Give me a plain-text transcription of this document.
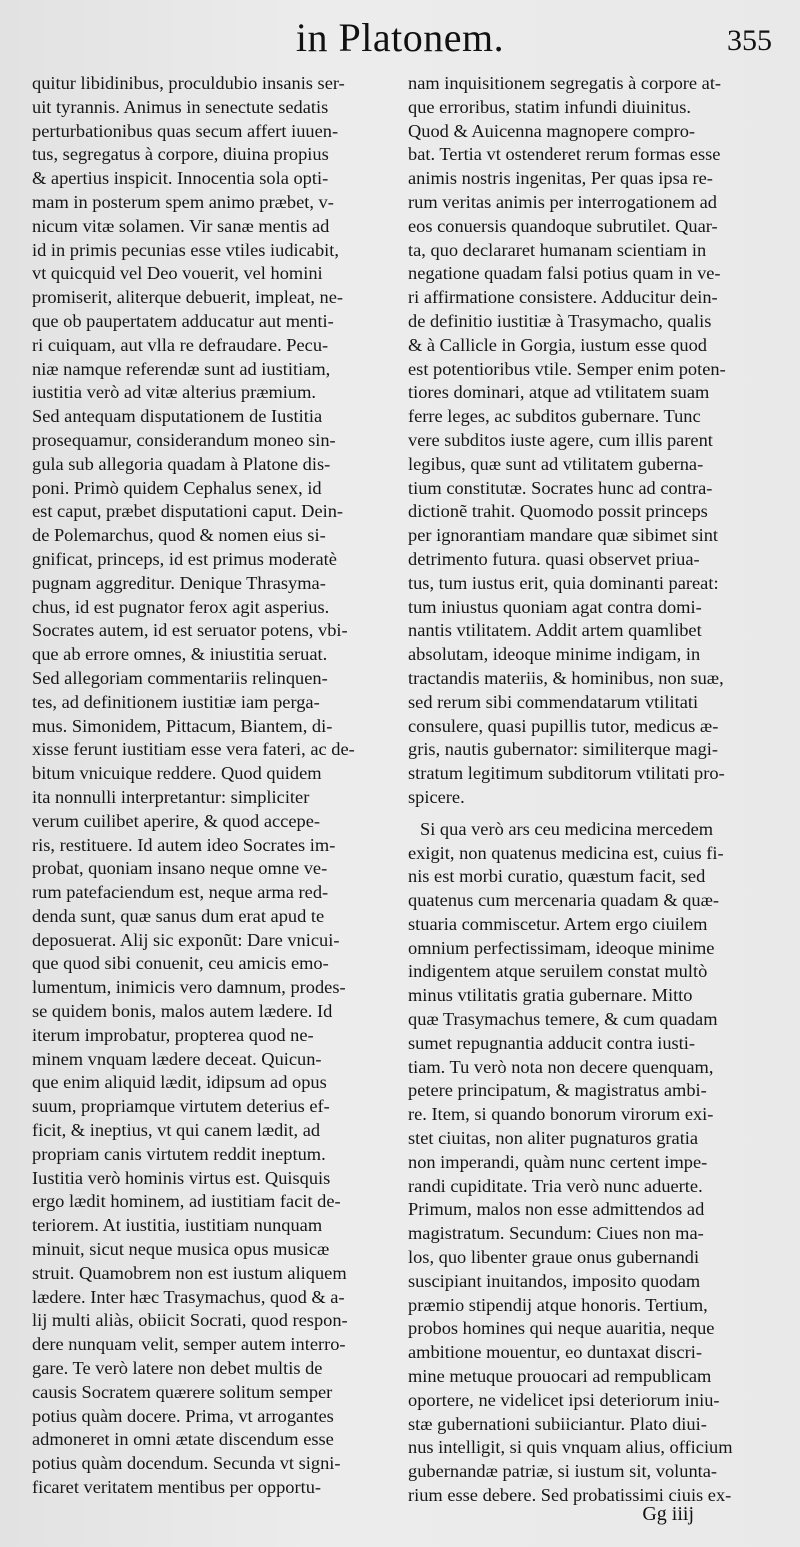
in Platonem.	355
quitur libidinibus, proculdubio insanis ser-
uit tyrannis. Animus in senectute sedatis
perturbationibus quas secum affert iuuen-
tus, segregatus à corpore, diuina propius
& apertius inspicit. Innocentia sola opti-
mam in posterum spem animo præbet, v-
nicum vitæ solamen. Vir sanæ mentis ad
id in primis pecunias esse vtiles iudicabit,
vt quicquid vel Deo vouerit, vel homini
promiserit, aliterque debuerit, impleat, ne-
que ob paupertatem adducatur aut menti-
ri cuiquam, aut vlla re defraudare. Pecu-
niæ namque referendæ sunt ad iustitiam,
iustitia verò ad vitæ alterius præmium.
Sed antequam disputationem de Iustitia
prosequamur, considerandum moneo sin-
gula sub allegoria quadam à Platone dis-
poni. Primò quidem Cephalus senex, id
est caput, præbet disputationi caput. Dein-
de Polemarchus, quod & nomen eius si-
gnificat, princeps, id est primus moderatè
pugnam aggreditur. Denique Thrasyma-
chus, id est pugnator ferox agit asperius.
Socrates autem, id est seruator potens, vbi-
que ab errore omnes, & iniustitia seruat.
Sed allegoriam commentariis relinquen-
tes, ad definitionem iustitiæ iam perga-
mus. Simonidem, Pittacum, Biantem, di-
xisse ferunt iustitiam esse vera fateri, ac de-
bitum vnicuique reddere. Quod quidem
ita nonnulli interpretantur: simpliciter
verum cuilibet aperire, & quod accepe-
ris, restituere. Id autem ideo Socrates im-
probat, quoniam insano neque omne ve-
rum patefaciendum est, neque arma red-
denda sunt, quæ sanus dum erat apud te
deposuerat. Alij sic exponũt: Dare vnicui-
que quod sibi conuenit, ceu amicis emo-
lumentum, inimicis vero damnum, prodes-
se quidem bonis, malos autem lædere. Id
iterum improbatur, propterea quod ne-
minem vnquam lædere deceat. Quicun-
que enim aliquid lædit, idipsum ad opus
suum, propriamque virtutem deterius ef-
ficit, & ineptius, vt qui canem lædit, ad
propriam canis virtutem reddit ineptum.
Iustitia verò hominis virtus est. Quisquis
ergo lædit hominem, ad iustitiam facit de-
teriorem. At iustitia, iustitiam nunquam
minuit, sicut neque musica opus musicæ
struit. Quamobrem non est iustum aliquem
lædere. Inter hæc Trasymachus, quod & a-
lij multi aliàs, obiicit Socrati, quod respon-
dere nunquam velit, semper autem interro-
gare. Te verò latere non debet multis de
causis Socratem quærere solitum semper
potius quàm docere. Prima, vt arrogantes
admoneret in omni ætate discendum esse
potius quàm docendum. Secunda vt signi-
ficaret veritatem mentibus per opportu-
nam inquisitionem segregatis à corpore at-
que erroribus, statim infundi diuinitus.
Quod & Auicenna magnopere compro-
bat. Tertia vt ostenderet rerum formas esse
animis nostris ingenitas, Per quas ipsa re-
rum veritas animis per interrogationem ad
eos conuersis quandoque subrutilet. Quar-
ta, quo declararet humanam scientiam in
negatione quadam falsi potius quam in ve-
ri affirmatione consistere. Adducitur dein-
de definitio iustitiæ à Trasymacho, qualis
& à Callicle in Gorgia, iustum esse quod
est potentioribus vtile. Semper enim poten-
tiores dominari, atque ad vtilitatem suam
ferre leges, ac subditos gubernare. Tunc
vere subditos iuste agere, cum illis parent
legibus, quæ sunt ad vtilitatem guberna-
tium constitutæ. Socrates hunc ad contra-
dictionẽ trahit. Quomodo possit princeps
per ignorantiam mandare quæ sibimet sint
detrimento futura. quasi observet priua-
tus, tum iustus erit, quia dominanti pareat:
tum iniustus quoniam agat contra domi-
nantis vtilitatem. Addit artem quamlibet
absolutam, ideoque minime indigam, in
tractandis materiis, & hominibus, non suæ,
sed rerum sibi commendatarum vtilitati
consulere, quasi pupillis tutor, medicus æ-
gris, nautis gubernator: similiterque magi-
stratum legitimum subditorum vtilitati pro-
spicere.
Si qua verò ars ceu medicina mercedem
exigit, non quatenus medicina est, cuius fi-
nis est morbi curatio, quæstum facit, sed
quatenus cum mercenaria quadam & quæ-
stuaria commiscetur. Artem ergo ciuilem
omnium perfectissimam, ideoque minime
indigentem atque seruilem constat multò
minus vtilitatis gratia gubernare. Mitto
quæ Trasymachus temere, & cum quadam
sumet repugnantia adducit contra iusti-
tiam. Tu verò nota non decere quenquam,
petere principatum, & magistratus ambi-
re. Item, si quando bonorum virorum exi-
stet ciuitas, non aliter pugnaturos gratia
non imperandi, quàm nunc certent impe-
randi cupiditate. Tria verò nunc aduerte.
Primum, malos non esse admittendos ad
magistratum. Secundum: Ciues non ma-
los, quo libenter graue onus gubernandi
suscipiant inuitandos, imposito quodam
præmio stipendij atque honoris. Tertium,
probos homines qui neque auaritia, neque
ambitione mouentur, eo duntaxat discri-
mine metuque prouocari ad rempublicam
oportere, ne videlicet ipsi deteriorum iniu-
stæ gubernationi subiiciantur. Plato diui-
nus intelligit, si quis vnquam alius, officium
gubernandæ patriæ, si iustum sit, volunta-
rium esse debere. Sed probatissimi ciuis ex-
Gg iiij
